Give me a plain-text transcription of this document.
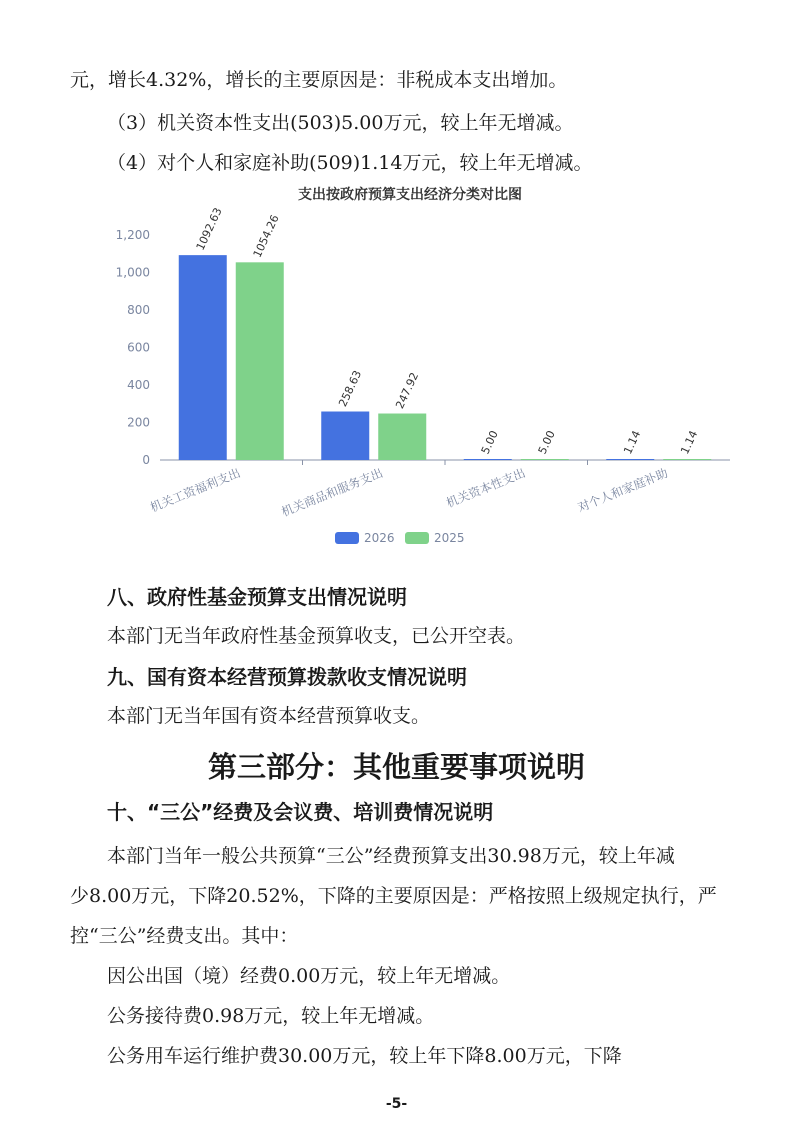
元，增长4.32%，增长的主要原因是：非税成本支出增加。
（3）机关资本性支出(503)5.00万元，较上年无增减。
（4）对个人和家庭补助(509)1.14万元，较上年无增减。
支出按政府预算支出经济分类对比图
0
200
400
600
800
1,000
1,200	1092.63 1054.26
机关工资福利支出
258.63	247.92
机关商品和服务支出
5.00	5.00
机关资本性支出
1.14	1.14
对个人和家庭补助
2026	2025
八、政府性基金预算支出情况说明
本部门无当年政府性基金预算收支，已公开空表。
九、国有资本经营预算拨款收支情况说明
本部门无当年国有资本经营预算收支。
第三部分：其他重要事项说明
十、“三公”经费及会议费、培训费情况说明
本部门当年一般公共预算“三公”经费预算支出30.98万元，较上年减
少8.00万元，下降20.52%，下降的主要原因是：严格按照上级规定执行，严
控“三公”经费支出。其中：
因公出国（境）经费0.00万元，较上年无增减。
公务接待费0.98万元，较上年无增减。
公务用车运行维护费30.00万元，较上年下降8.00万元，下降
-5-
